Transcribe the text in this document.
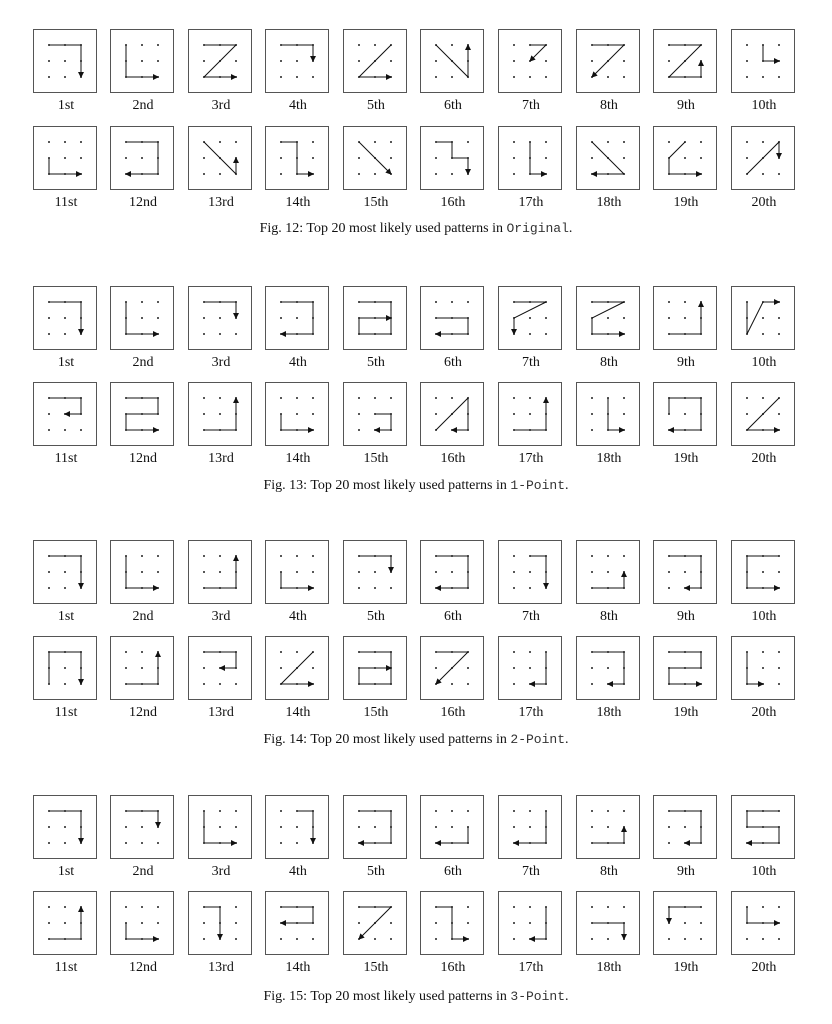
1st	2nd	3rd	4th	5th	6th	7th	8th	9th	10th
11st	12nd	13rd	14th	15th	16th	17th	18th	19th	20th
Fig. 12: Top 20 most likely used patterns in Original.
1st	2nd	3rd	4th	5th	6th	7th	8th	9th	10th
11st	12nd	13rd	14th	15th	16th	17th	18th	19th	20th
Fig. 13: Top 20 most likely used patterns in 1-Point.
1st	2nd	3rd	4th	5th	6th	7th	8th	9th	10th
11st	12nd	13rd	14th	15th	16th	17th	18th	19th	20th
Fig. 14: Top 20 most likely used patterns in 2-Point.
1st	2nd	3rd	4th	5th	6th	7th	8th	9th	10th
11st	12nd	13rd	14th	15th	16th	17th	18th	19th	20th
Fig. 15: Top 20 most likely used patterns in 3-Point.
